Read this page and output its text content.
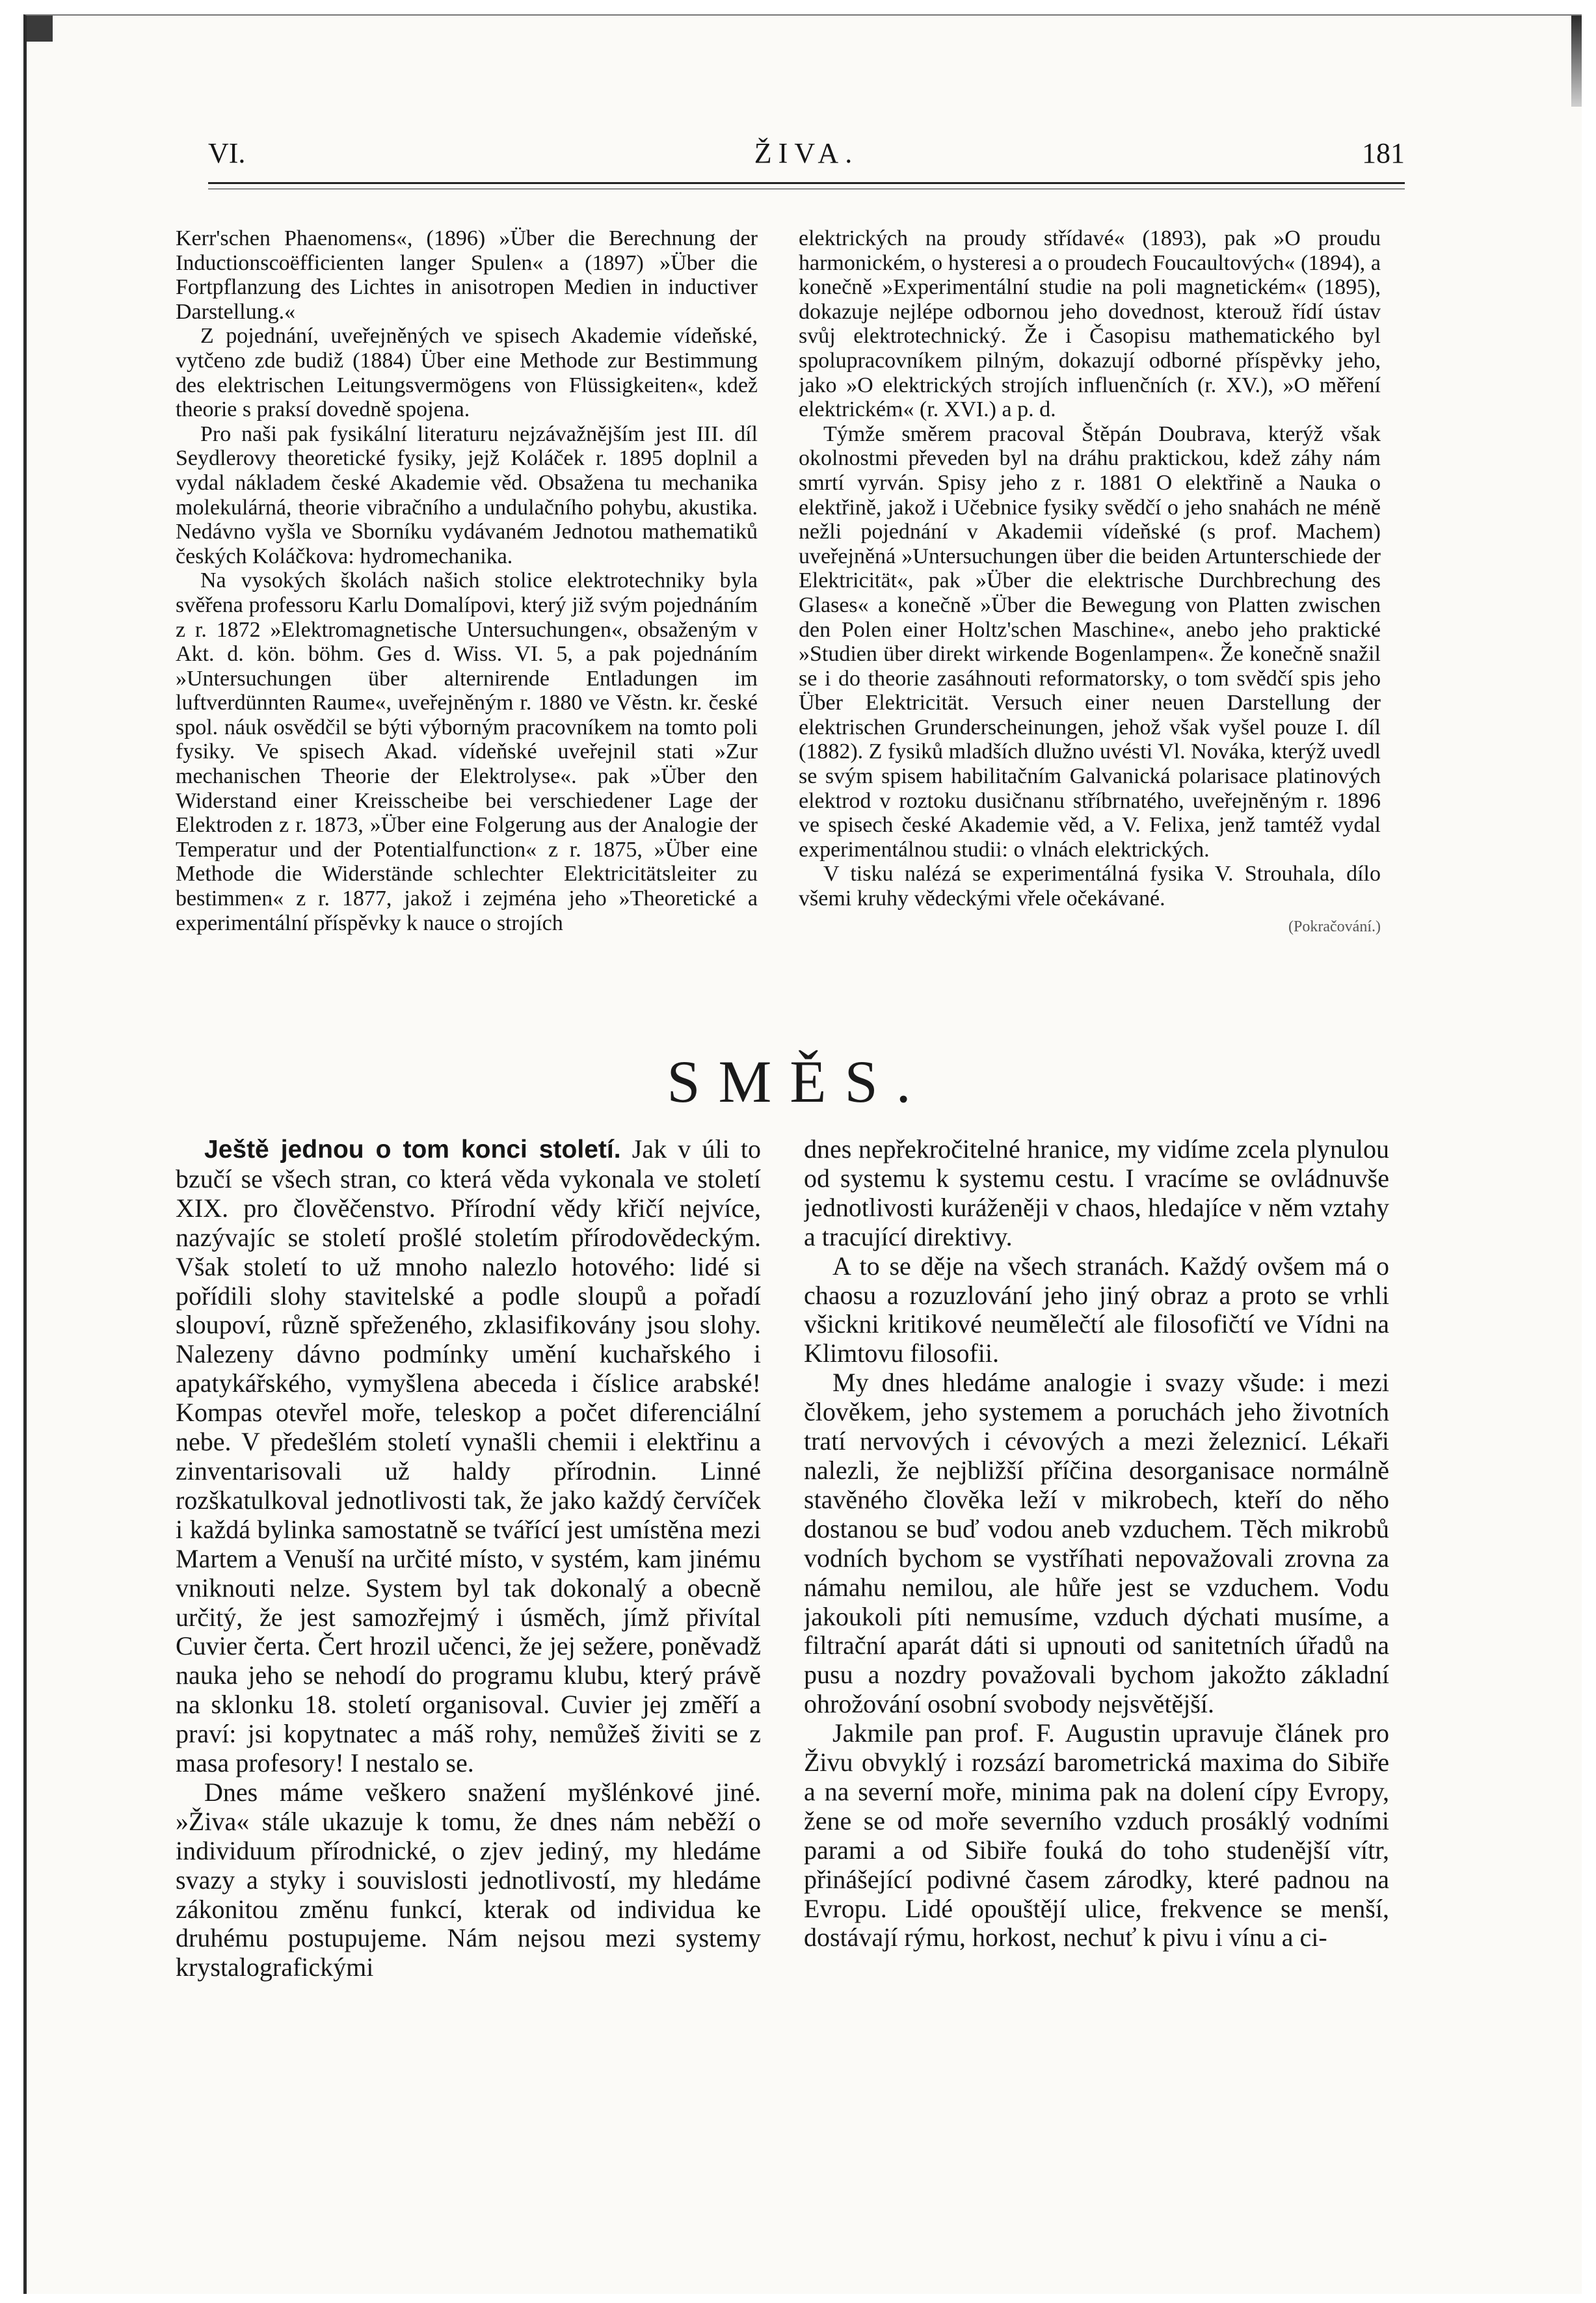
VI.	ŽIVA.	181

Kerr'schen Phaenomens«, (1896) »Über die Berechnung der Inductionscoëfficienten langer Spulen« a (1897) »Über die Fortpflanzung des Lichtes in anisotropen Medien in inductiver Darstellung.«

Z pojednání, uveřejněných ve spisech Akademie vídeňské, vytčeno zde budiž (1884) Über eine Methode zur Bestimmung des elektrischen Leitungsvermögens von Flüssigkeiten«, kdež theorie s praksí dovedně spojena.

Pro naši pak fysikální literaturu nejzávažnějším jest III. díl Seydlerovy theoretické fysiky, jejž Koláček r. 1895 doplnil a vydal nákladem české Akademie věd. Obsažena tu mechanika molekulárná, theorie vibračního a undulačního pohybu, akustika. Nedávno vyšla ve Sborníku vydávaném Jednotou mathematiků českých Koláčkova: hydromechanika.

Na vysokých školách našich stolice elektrotechniky byla svěřena professoru Karlu Domalípovi, který již svým pojednáním z r. 1872 »Elektromagnetische Untersuchungen«, obsaženým v Akt. d. kön. böhm. Ges d. Wiss. VI. 5, a pak pojednáním »Untersuchungen über alternirende Entladungen im luftverdünnten Raume«, uveřejněným r. 1880 ve Věstn. kr. české spol. náuk osvědčil se býti výborným pracovníkem na tomto poli fysiky. Ve spisech Akad. vídeňské uveřejnil stati »Zur mechanischen Theorie der Elektrolyse«. pak »Über den Widerstand einer Kreisscheibe bei verschiedener Lage der Elektroden z r. 1873, »Über eine Folgerung aus der Analogie der Temperatur und der Potentialfunction« z r. 1875, »Über eine Methode die Widerstände schlechter Elektricitätsleiter zu bestimmen« z r. 1877, jakož i zejména jeho »Theoretické a experimentální příspěvky k nauce o strojích

elektrických na proudy střídavé« (1893), pak »O proudu harmonickém, o hysteresi a o proudech Foucaultových« (1894), a konečně »Experimentální studie na poli magnetickém« (1895), dokazuje nejlépe odbornou jeho dovednost, kterouž řídí ústav svůj elektrotechnický. Že i Časopisu mathematického byl spolupracovníkem pilným, dokazují odborné příspěvky jeho, jako »O elektrických strojích influenčních (r. XV.), »O měření elektrickém« (r. XVI.) a p. d.

Týmže směrem pracoval Štěpán Doubrava, kterýž však okolnostmi převeden byl na dráhu praktickou, kdež záhy nám smrtí vyrván. Spisy jeho z r. 1881 O elektřině a Nauka o elektřině, jakož i Učebnice fysiky svědčí o jeho snahách ne méně nežli pojednání v Akademii vídeňské (s prof. Machem) uveřejněná »Untersuchungen über die beiden Artunterschiede der Elektricität«, pak »Über die elektrische Durchbrechung des Glases« a konečně »Über die Bewegung von Platten zwischen den Polen einer Holtz'schen Maschine«, anebo jeho praktické »Studien über direkt wirkende Bogenlampen«. Že konečně snažil se i do theorie zasáhnouti reformatorsky, o tom svědčí spis jeho Über Elektricität. Versuch einer neuen Darstellung der elektrischen Grunderscheinungen, jehož však vyšel pouze I. díl (1882). Z fysiků mladších dlužno uvésti Vl. Nováka, kterýž uvedl se svým spisem habilitačním Galvanická polarisace platinových elektrod v roztoku dusičnanu stříbrnatého, uveřejněným r. 1896 ve spisech české Akademie věd, a V. Felixa, jenž tamtéž vydal experimentálnou studii: o vlnách elektrických.

V tisku nalézá se experimentálná fysika V. Strouhala, dílo všemi kruhy vědeckými vřele očekávané.

(Pokračování.)

SMĚS.

Ještě jednou o tom konci století. Jak v úli to bzučí se všech stran, co která věda vykonala ve století XIX. pro člověčenstvo. Přírodní vědy křičí nejvíce, nazývajíc se století prošlé stoletím přírodovědeckým. Však století to už mnoho nalezlo hotového: lidé si pořídili slohy stavitelské a podle sloupů a pořadí sloupoví, různě spřeženého, zklasifikovány jsou slohy. Nalezeny dávno podmínky umění kuchařského i apatykářského, vymyšlena abeceda i číslice arabské! Kompas otevřel moře, teleskop a počet diferenciální nebe. V předešlém století vynašli chemii i elektřinu a zinventarisovali už haldy přírodnin. Linné rozškatulkoval jednotlivosti tak, že jako každý červíček i každá bylinka samostatně se tvářící jest umístěna mezi Martem a Venuší na určité místo, v systém, kam jinému vniknouti nelze. System byl tak dokonalý a obecně určitý, že jest samozřejmý i úsměch, jímž přivítal Cuvier čerta. Čert hrozil učenci, že jej sežere, poněvadž nauka jeho se nehodí do programu klubu, který právě na sklonku 18. století organisoval. Cuvier jej změří a praví: jsi kopytnatec a máš rohy, nemůžeš živiti se z masa profesory! I nestalo se.

Dnes máme veškero snažení myšlénkové jiné. »Živa« stále ukazuje k tomu, že dnes nám neběží o individuum přírodnické, o zjev jediný, my hledáme svazy a styky i souvislosti jednotlivostí, my hledáme zákonitou změnu funkcí, kterak od individua ke druhému postupujeme. Nám nejsou mezi systemy krystalografickými

dnes nepřekročitelné hranice, my vidíme zcela plynulou od systemu k systemu cestu. I vracíme se ovládnuvše jednotlivosti kuráženěji v chaos, hledajíce v něm vztahy a tracující direktivy.

A to se děje na všech stranách. Každý ovšem má o chaosu a rozuzlování jeho jiný obraz a proto se vrhli všickni kritikové neumělečtí ale filosofičtí ve Vídni na Klimtovu filosofii.

My dnes hledáme analogie i svazy všude: i mezi člověkem, jeho systemem a poruchách jeho životních tratí nervových i cévových a mezi železnicí. Lékaři nalezli, že nejbližší příčina desorganisace normálně stavěného člověka leží v mikrobech, kteří do něho dostanou se buď vodou aneb vzduchem. Těch mikrobů vodních bychom se vystříhati nepovažovali zrovna za námahu nemilou, ale hůře jest se vzduchem. Vodu jakoukoli píti nemusíme, vzduch dýchati musíme, a filtrační aparát dáti si upnouti od sanitetních úřadů na pusu a nozdry považovali bychom jakožto základní ohrožování osobní svobody nejsvětější.

Jakmile pan prof. F. Augustin upravuje článek pro Živu obvyklý i rozsází barometrická maxima do Sibiře a na severní moře, minima pak na dolení cípy Evropy, žene se od moře severního vzduch prosáklý vodními parami a od Sibiře fouká do toho studenější vítr, přinášející podivné časem zárodky, které padnou na Evropu. Lidé opouštějí ulice, frekvence se menší, dostávají rýmu, horkost, nechuť k pivu i vínu a ci-
